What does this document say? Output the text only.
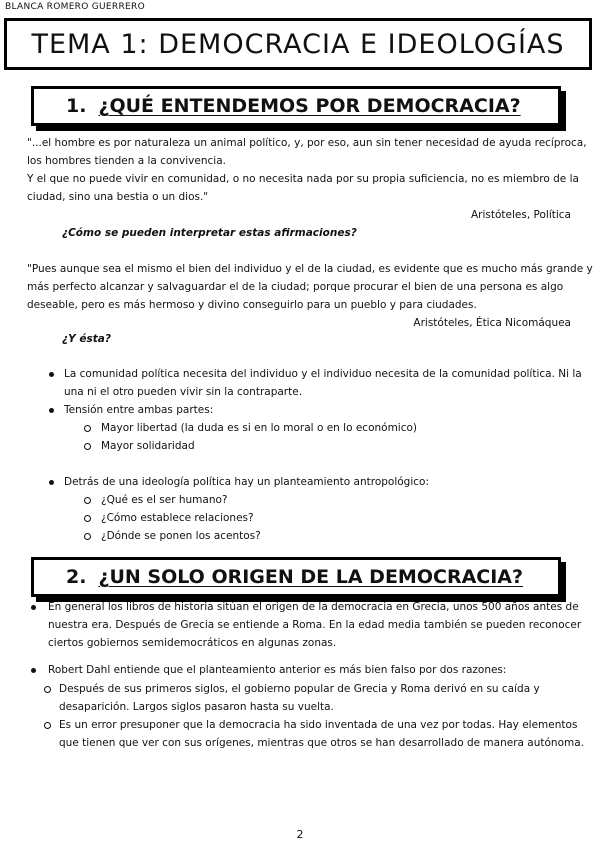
BLANCA ROMERO GUERRERO
TEMA 1: DEMOCRACIA E IDEOLOGÍAS
1. ¿QUÉ ENTENDEMOS POR DEMOCRACIA?
"...el hombre es por naturaleza un animal político, y, por eso, aun sin tener necesidad de ayuda recíproca,
los hombres tienden a la convivencia.
Y el que no puede vivir en comunidad, o no necesita nada por su propia suficiencia, no es miembro de la
ciudad, sino una bestia o un dios."
Aristóteles, Política
¿Cómo se pueden interpretar estas afirmaciones?
"Pues aunque sea el mismo el bien del individuo y el de la ciudad, es evidente que es mucho más grande y
más perfecto alcanzar y salvaguardar el de la ciudad; porque procurar el bien de una persona es algo
deseable, pero es más hermoso y divino conseguirlo para un pueblo y para ciudades.
Aristóteles, Ética Nicomáquea
¿Y ésta?
La comunidad política necesita del individuo y el individuo necesita de la comunidad política. Ni la
una ni el otro pueden vivir sin la contraparte.
Tensión entre ambas partes:
Mayor libertad (la duda es si en lo moral o en lo económico)
Mayor solidaridad
Detrás de una ideología política hay un planteamiento antropológico:
¿Qué es el ser humano?
¿Cómo establece relaciones?
¿Dónde se ponen los acentos?
2. ¿UN SOLO ORIGEN DE LA DEMOCRACIA?
En general los libros de historia sitúan el origen de la democracia en Grecia, unos 500 años antes de
nuestra era. Después de Grecia se entiende a Roma. En la edad media también se pueden reconocer
ciertos gobiernos semidemocráticos en algunas zonas.
Robert Dahl entiende que el planteamiento anterior es más bien falso por dos razones:
Después de sus primeros siglos, el gobierno popular de Grecia y Roma derivó en su caída y
desaparición. Largos siglos pasaron hasta su vuelta.
Es un error presuponer que la democracia ha sido inventada de una vez por todas. Hay elementos
que tienen que ver con sus orígenes, mientras que otros se han desarrollado de manera autónoma.
2
